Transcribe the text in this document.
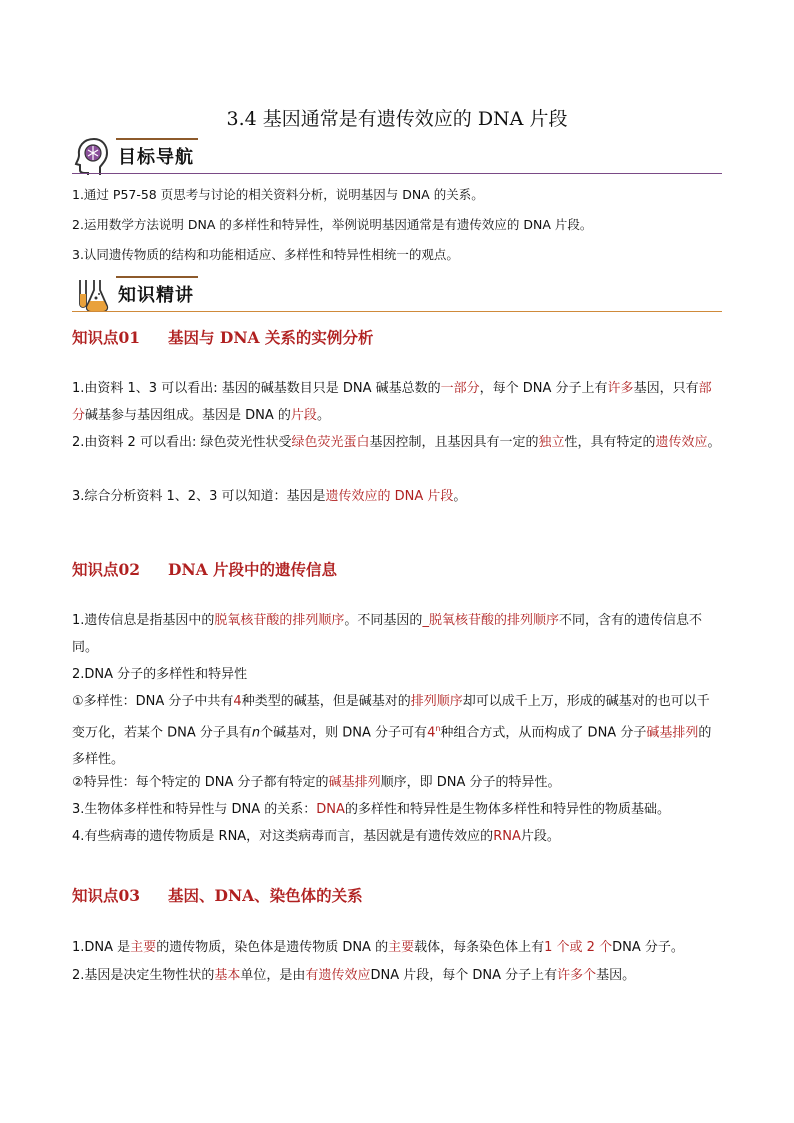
3.4 基因通常是有遗传效应的 DNA 片段
目标导航
1.通过 P57-58 页思考与讨论的相关资料分析，说明基因与 DNA 的关系。
2.运用数学方法说明 DNA 的多样性和特异性，举例说明基因通常是有遗传效应的 DNA 片段。
3.认同遗传物质的结构和功能相适应、多样性和特异性相统一的观点。
知识精讲
知识点01 基因与 DNA 关系的实例分析
1.由资料 1、3 可以看出: 基因的碱基数目只是 DNA 碱基总数的一部分，每个 DNA 分子上有许多基因，只有部分碱基参与基因组成。基因是 DNA 的片段。
2.由资料 2 可以看出: 绿色荧光性状受绿色荧光蛋白基因控制，且基因具有一定的独立性，具有特定的遗传效应。
3.综合分析资料 1、2、3 可以知道：基因是遗传效应的 DNA 片段。
知识点02 DNA 片段中的遗传信息
1.遗传信息是指基因中的脱氧核苷酸的排列顺序。不同基因的_脱氧核苷酸的排列顺序不同，含有的遗传信息不同。
2.DNA 分子的多样性和特异性
①多样性：DNA 分子中共有4种类型的碱基，但是碱基对的排列顺序却可以成千上万，形成的碱基对的也可以千变万化，若某个 DNA 分子具有n个碱基对，则 DNA 分子可有4$^n$种组合方式，从而构成了 DNA 分子碱基排列的多样性。
②特异性：每个特定的 DNA 分子都有特定的碱基排列顺序，即 DNA 分子的特异性。
3.生物体多样性和特异性与 DNA 的关系：DNA的多样性和特异性是生物体多样性和特异性的物质基础。
4.有些病毒的遗传物质是 RNA，对这类病毒而言，基因就是有遗传效应的RNA片段。
知识点03 基因、DNA、染色体的关系
1.DNA 是主要的遗传物质，染色体是遗传物质 DNA 的主要载体，每条染色体上有1 个或 2 个DNA 分子。
2.基因是决定生物性状的基本单位，是由有遗传效应DNA 片段，每个 DNA 分子上有许多个基因。
